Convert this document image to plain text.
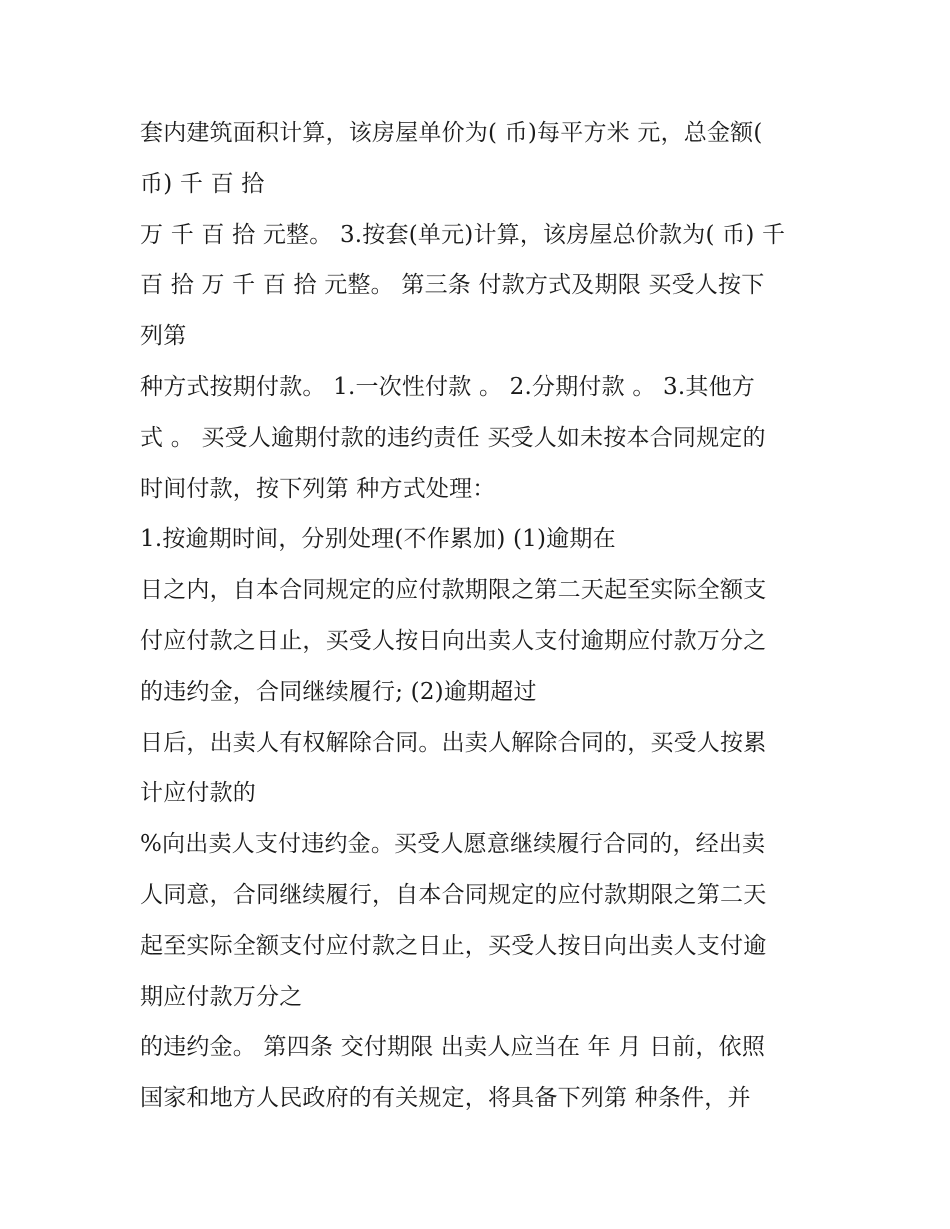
套内建筑面积计算，该房屋单价为( 币)每平方米 元，总金额(
币) 千 百 拾
万 千 百 拾 元整。 3.按套(单元)计算，该房屋总价款为( 币) 千
百 拾 万 千 百 拾 元整。 第三条 付款方式及期限 买受人按下
列第
种方式按期付款。 1.一次性付款 。 2.分期付款 。 3.其他方
式 。 买受人逾期付款的违约责任 买受人如未按本合同规定的
时间付款，按下列第 种方式处理：
1.按逾期时间，分别处理(不作累加) (1)逾期在
日之内，自本合同规定的应付款期限之第二天起至实际全额支
付应付款之日止，买受人按日向出卖人支付逾期应付款万分之
的违约金，合同继续履行; (2)逾期超过
日后，出卖人有权解除合同。出卖人解除合同的，买受人按累
计应付款的
%向出卖人支付违约金。买受人愿意继续履行合同的，经出卖
人同意，合同继续履行，自本合同规定的应付款期限之第二天
起至实际全额支付应付款之日止，买受人按日向出卖人支付逾
期应付款万分之
的违约金。 第四条 交付期限 出卖人应当在 年 月 日前，依照
国家和地方人民政府的有关规定，将具备下列第 种条件，并
